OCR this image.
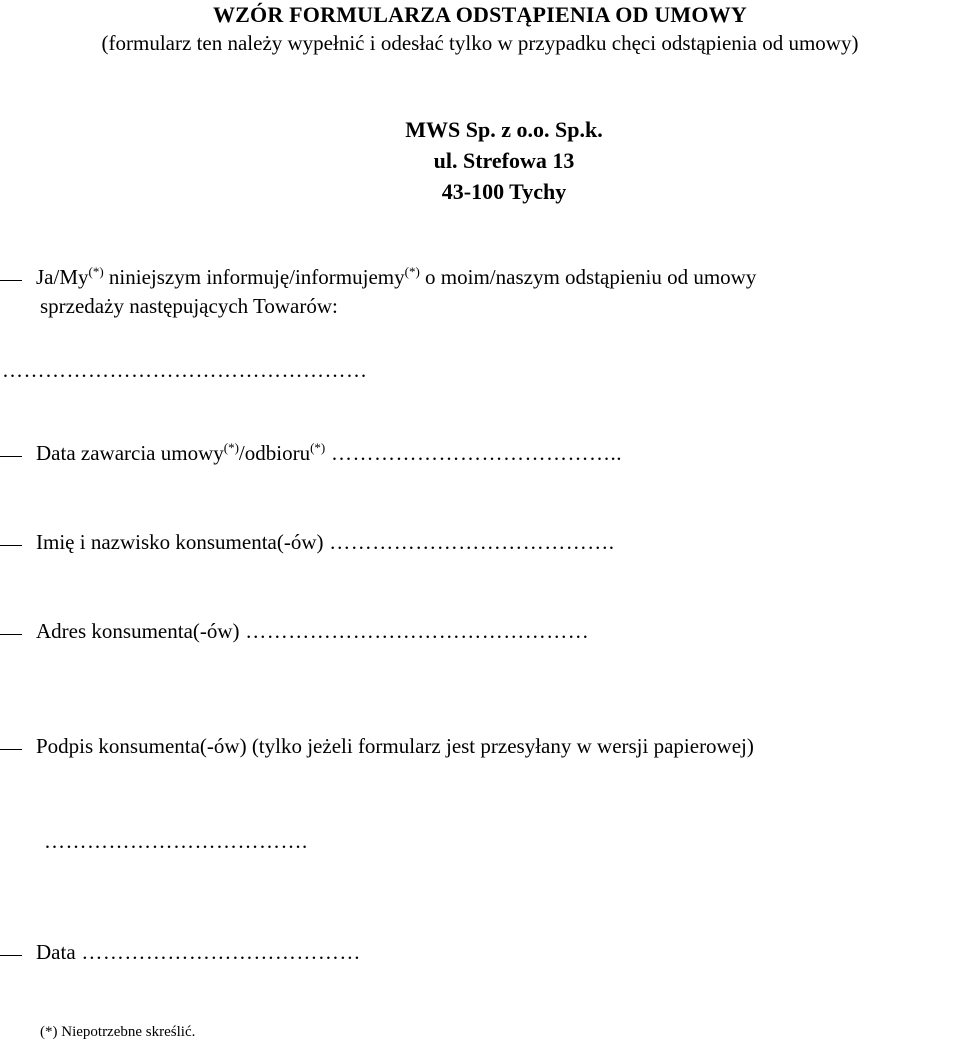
WZÓR FORMULARZA ODSTĄPIENIA OD UMOWY
(formularz ten należy wypełnić i odesłać tylko w przypadku chęci odstąpienia od umowy)
MWS Sp. z o.o. Sp.k.
ul. Strefowa 13
43-100 Tychy
Ja/My(*) niniejszym informuję/informujemy(*) o moim/naszym odstąpieniu od umowy
sprzedaży następujących Towarów:
……………………………………………
Data zawarcia umowy(*)/odbioru(*) …………………………………..
Imię i nazwisko konsumenta(-ów) ………………………………….
Adres konsumenta(-ów) …………………………………………
Podpis konsumenta(-ów) (tylko jeżeli formularz jest przesyłany w wersji papierowej)
……………………………….
Data …………………………………
(*) Niepotrzebne skreślić.
